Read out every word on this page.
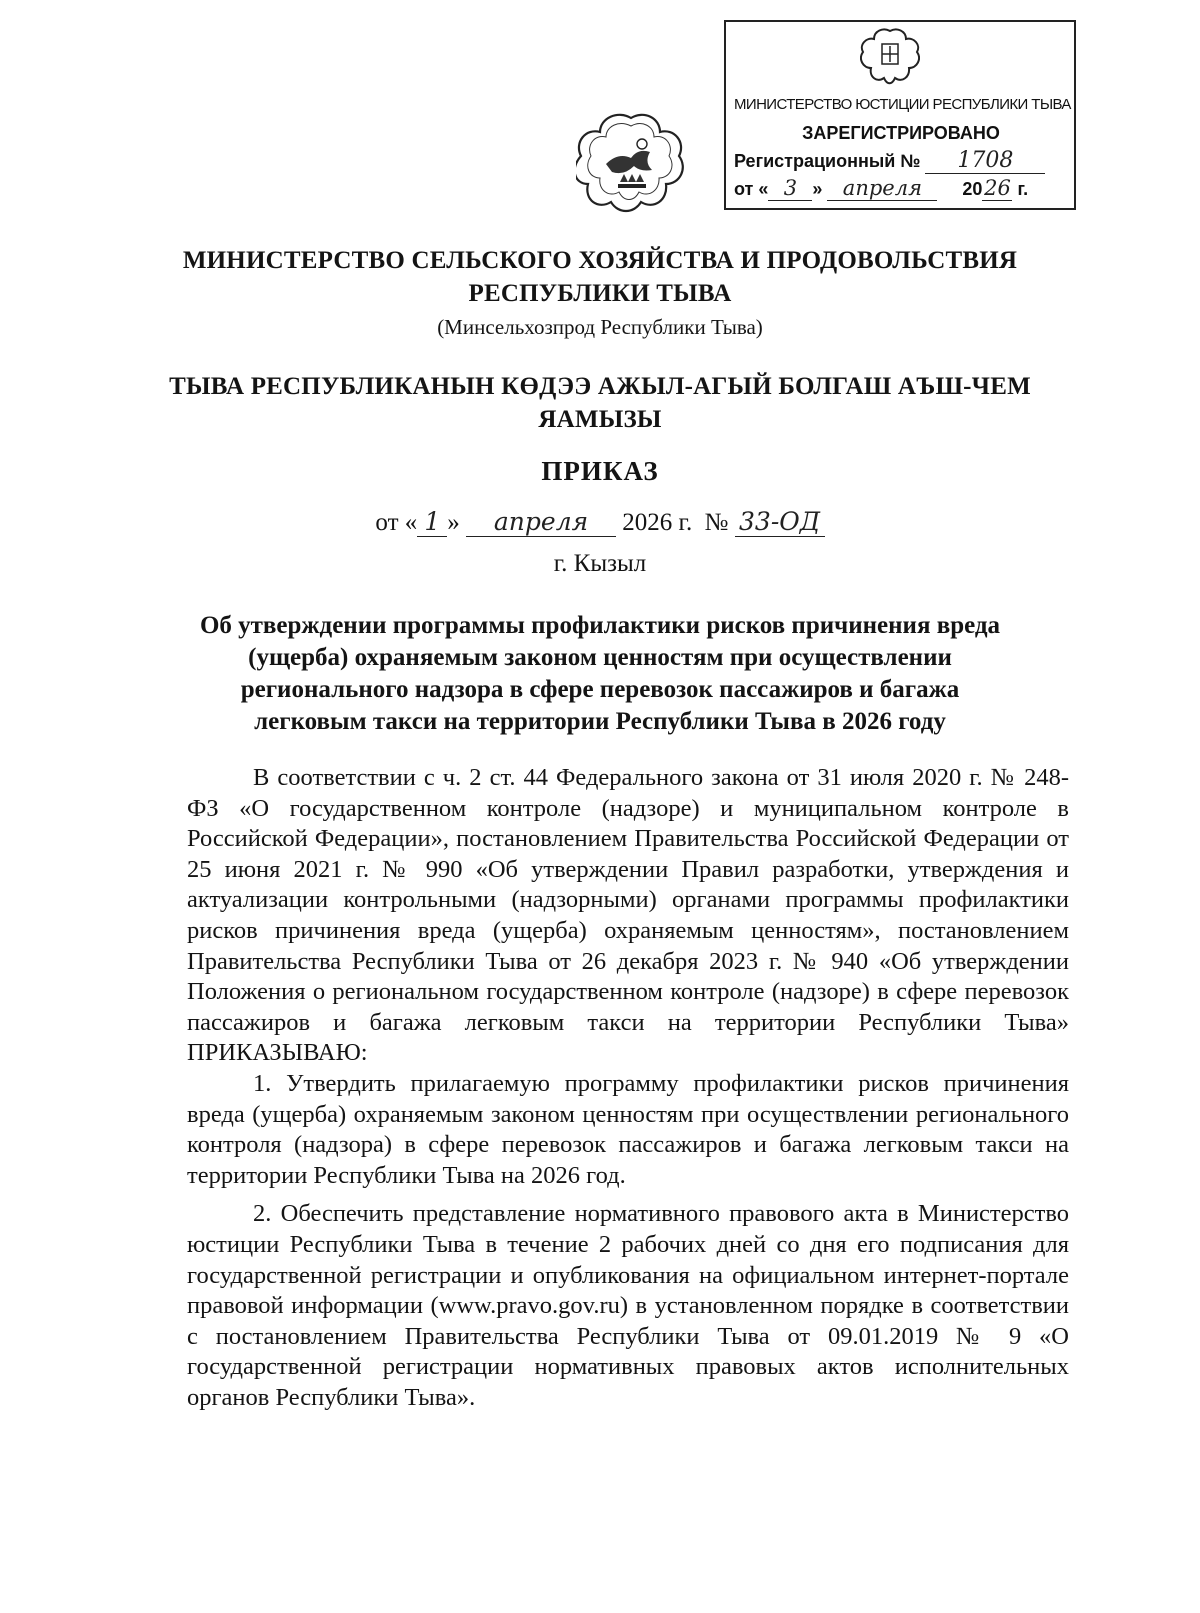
МИНИСТЕРСТВО ЮСТИЦИИ РЕСПУБЛИКИ ТЫВА
ЗАРЕГИСТРИРОВАНО
Регистрационный № 1708
от « 3 » апреля 2026 г.
МИНИСТЕРСТВО СЕЛЬСКОГО ХОЗЯЙСТВА И ПРОДОВОЛЬСТВИЯ
РЕСПУБЛИКИ ТЫВА
(Минсельхозпрод Республики Тыва)
ТЫВА РЕСПУБЛИКАНЫН КӨДЭЭ АЖЫЛ-АГЫЙ БОЛГАШ АЪШ-ЧЕМ
ЯАМЫЗЫ
ПРИКАЗ
от « 1 » апреля 2026 г. № 33-ОД
г. Кызыл
Об утверждении программы профилактики рисков причинения вреда
(ущерба) охраняемым законом ценностям при осуществлении
регионального надзора в сфере перевозок пассажиров и багажа
легковым такси на территории Республики Тыва в 2026 году

В соответствии с ч. 2 ст. 44 Федерального закона от 31 июля 2020 г. № 248-ФЗ «О государственном контроле (надзоре) и муниципальном контроле в Российской Федерации», постановлением Правительства Российской Федерации от 25 июня 2021 г. № 990 «Об утверждении Правил разработки, утверждения и актуализации контрольными (надзорными) органами программы профилактики рисков причинения вреда (ущерба) охраняемым ценностям», постановлением Правительства Республики Тыва от 26 декабря 2023 г. № 940 «Об утверждении Положения о региональном государственном контроле (надзоре) в сфере перевозок пассажиров и багажа легковым такси на территории Республики Тыва» ПРИКАЗЫВАЮ:

1. Утвердить прилагаемую программу профилактики рисков причинения вреда (ущерба) охраняемым законом ценностям при осуществлении регионального контроля (надзора) в сфере перевозок пассажиров и багажа легковым такси на территории Республики Тыва на 2026 год.

2. Обеспечить представление нормативного правового акта в Министерство юстиции Республики Тыва в течение 2 рабочих дней со дня его подписания для государственной регистрации и опубликования на официальном интернет-портале правовой информации (www.pravo.gov.ru) в установленном порядке в соответствии с постановлением Правительства Республики Тыва от 09.01.2019 № 9 «О государственной регистрации нормативных правовых актов исполнительных органов Республики Тыва».
